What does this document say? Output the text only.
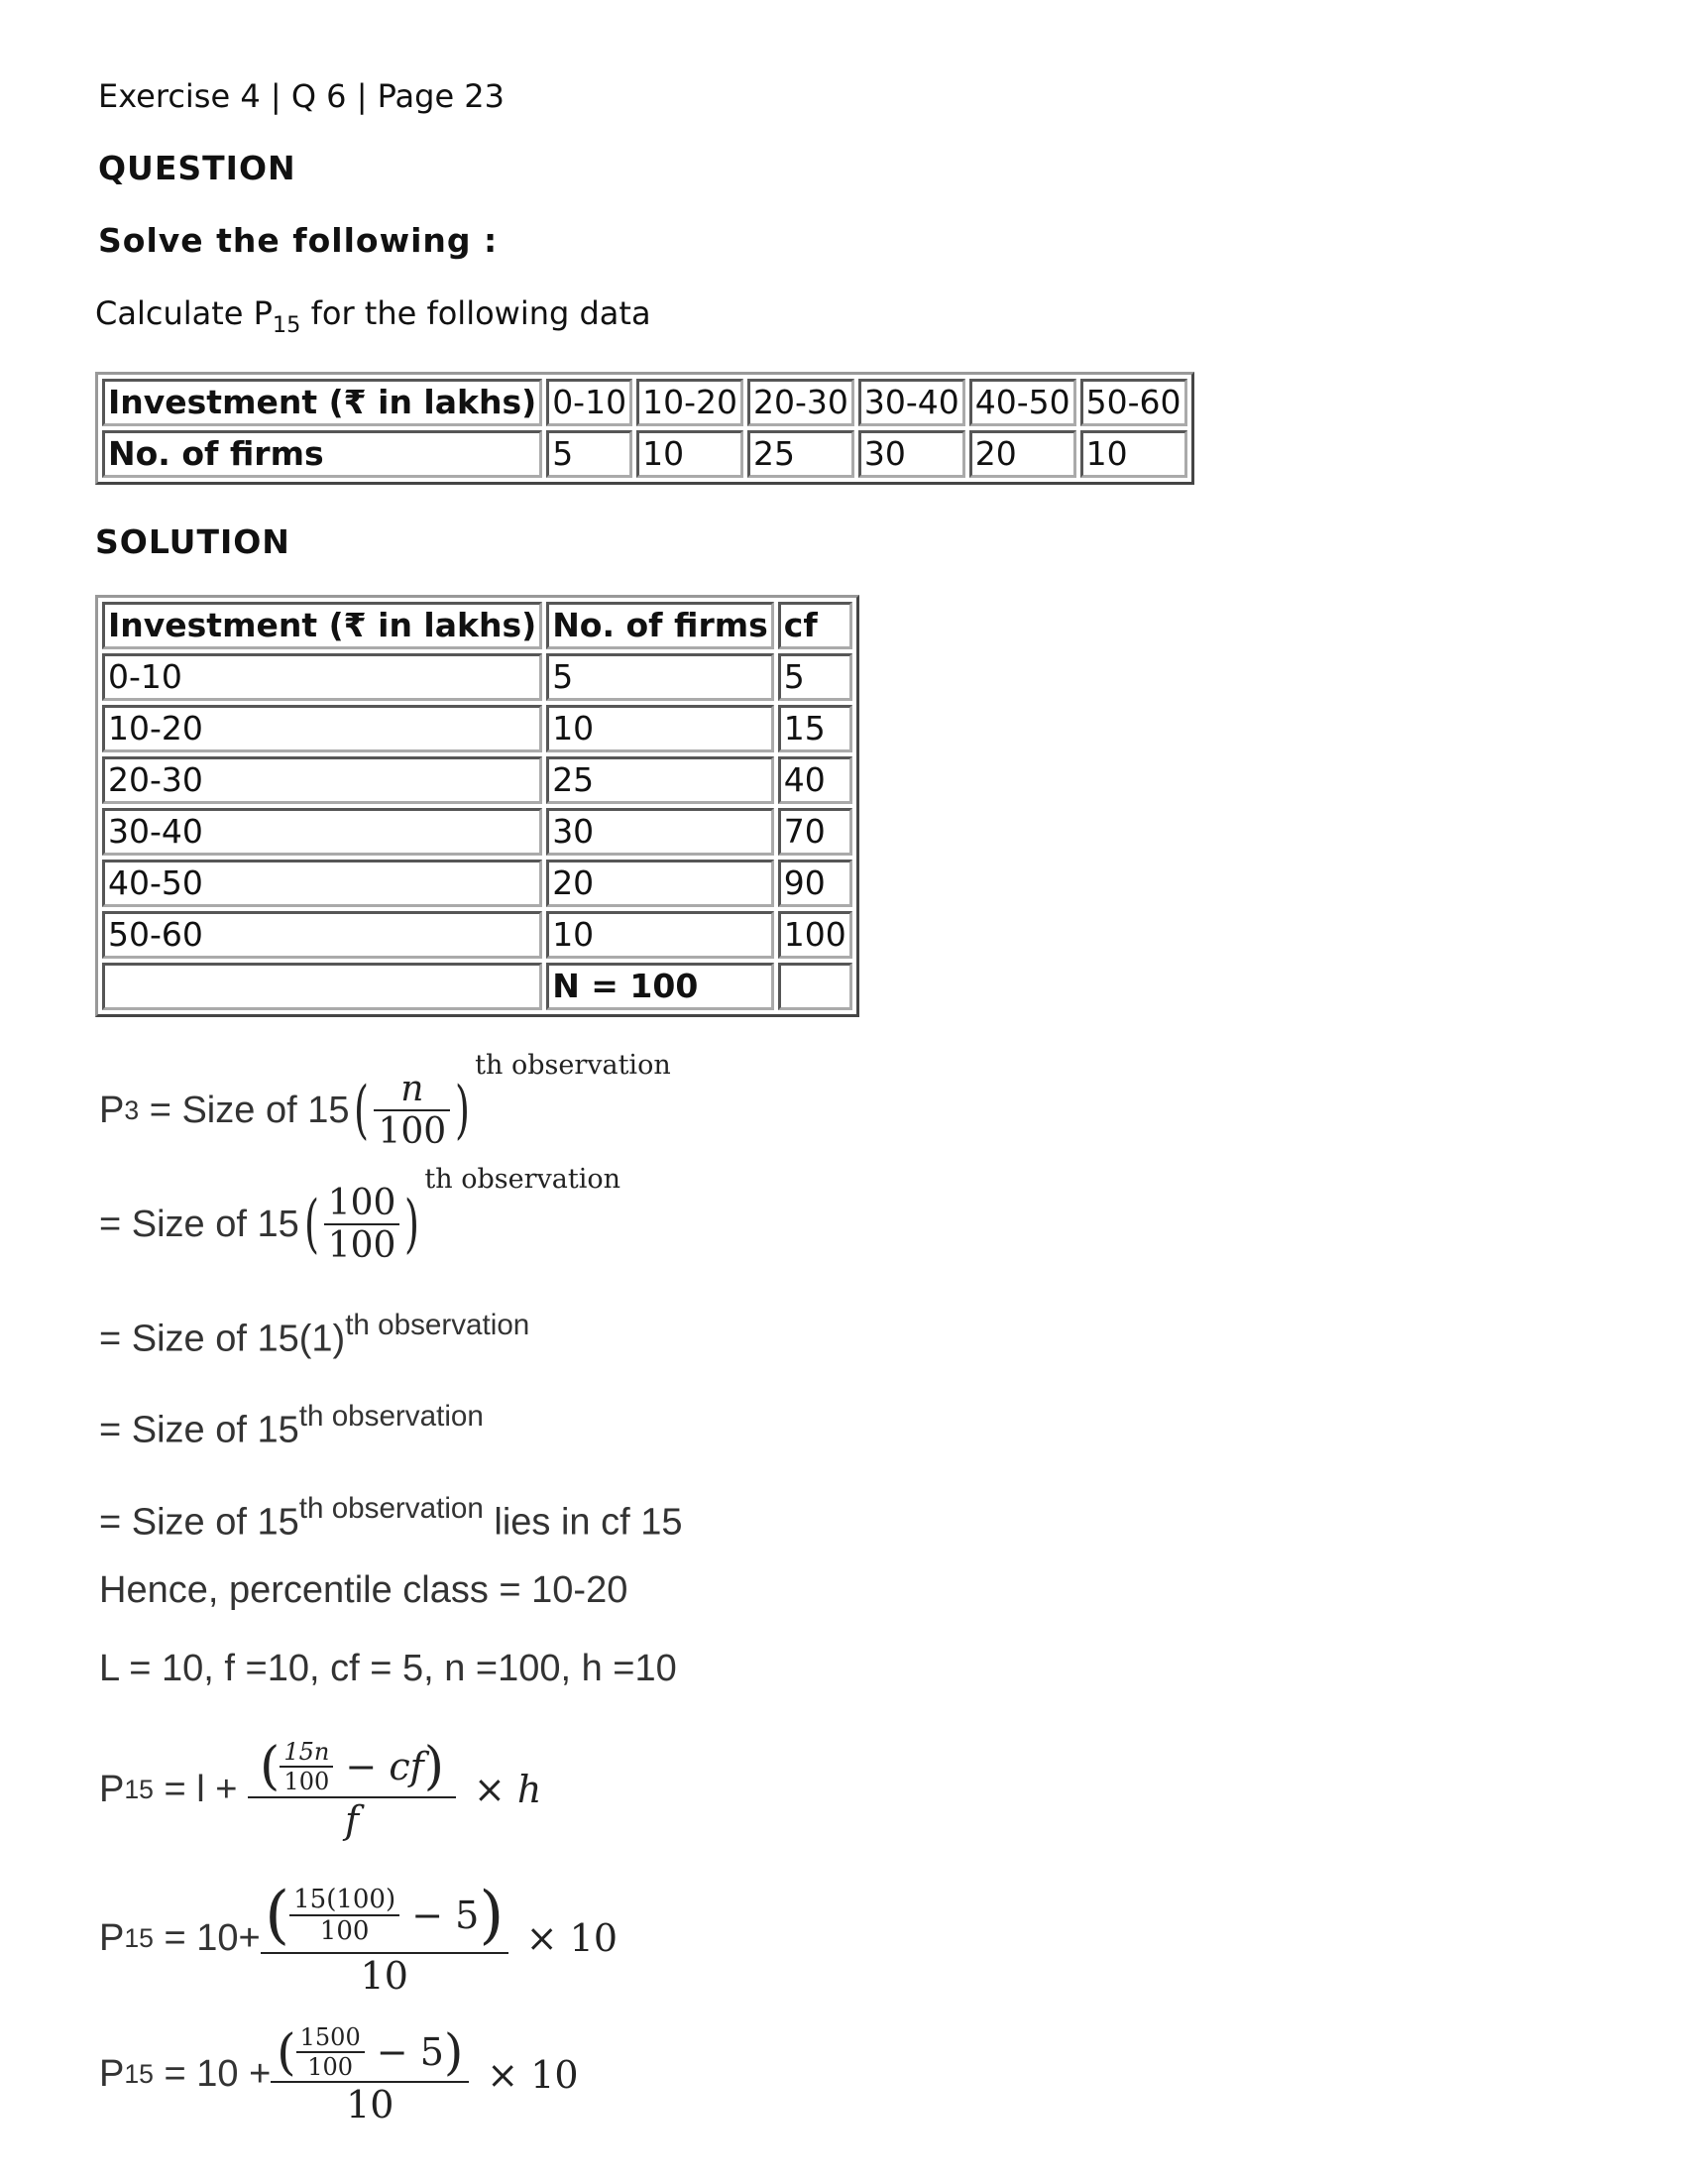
Exercise 4 | Q 6 | Page 23
QUESTION
Solve the following :
Calculate $P_{15}$ for the following data
Investment (₹ in lakhs)	0-10	10-20	20-30	30-40	40-50	50-60
No. of firms	5	10	25	30	20	10
SOLUTION
Investment (₹ in lakhs)	No. of firms	cf
0-10	5	5
10-20	10	15
20-30	25	40
30-40	30	70
40-50	20	90
50-60	10	100
	N = 100	
P 3 = Size of 15 ( $\frac{n}{100}$ )
th observation
= Size of 15 ( $\frac{100}{100}$ )
th observation
= Size of $15(1)^{th observation}$
= Size of $15^{th observation}$
= Size of $15^{th observation}$ lies in cf 15
Hence, percentile class = 10-20
L = 10, f =10, cf = 5, n =100, h =10
P 15 = l + ( $\frac{15n}{100}$ − cf )
f
× h
P 15 = 10+ ( $\frac{15(100)}{100} - 5$ )
10
× 10
P 15 = 10 + ( $\frac{1500}{100} - 5$ )
10
× 10
